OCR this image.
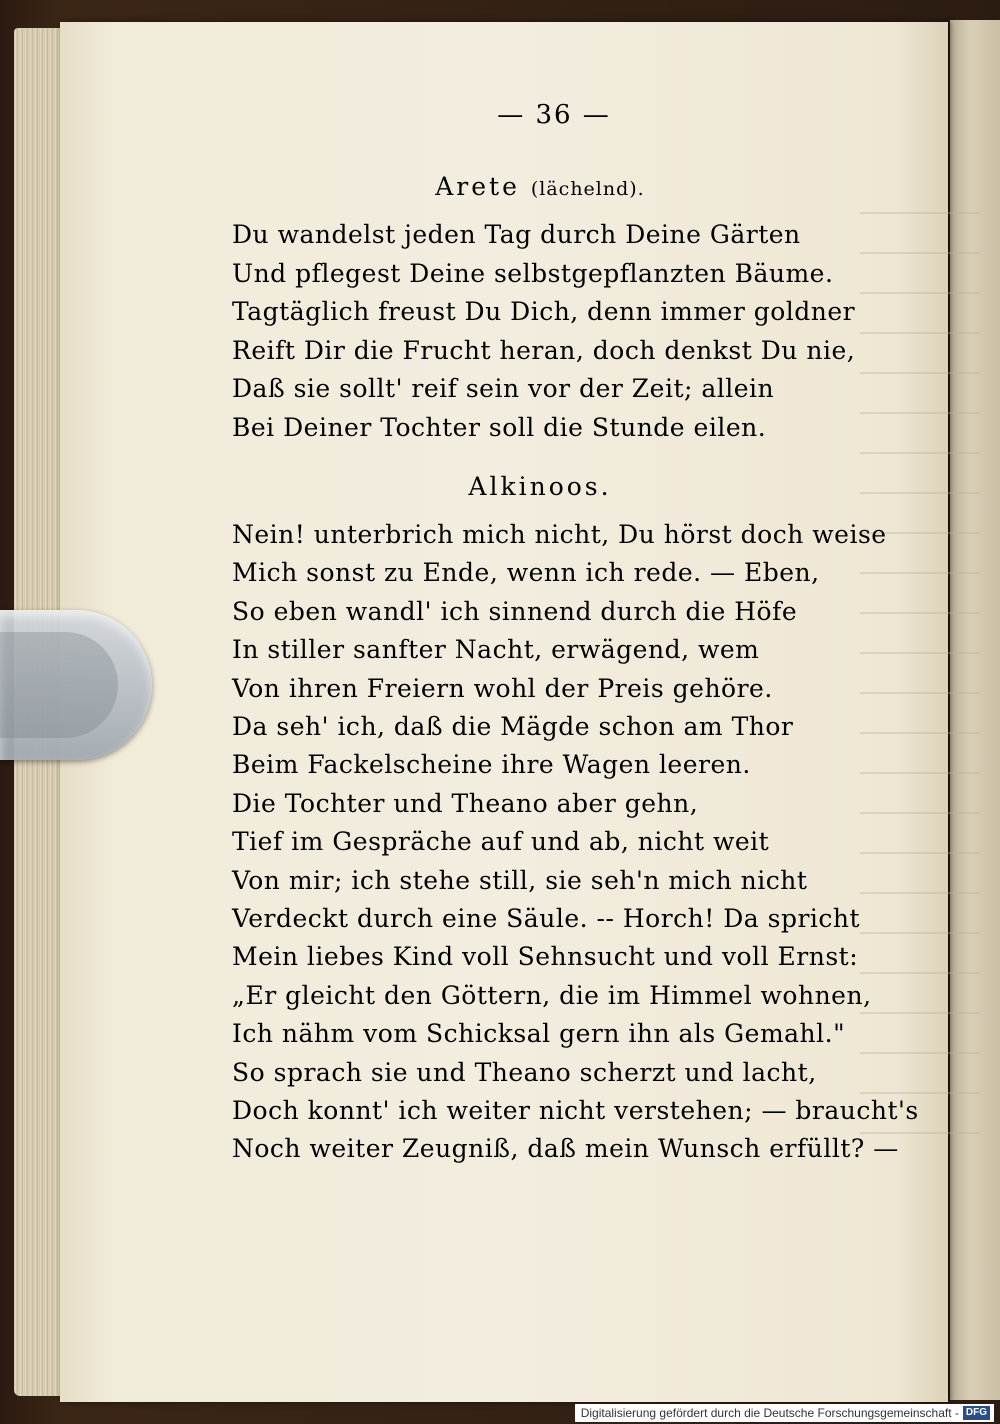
— 36 —
Arete (lächelnd).
Du wandelst jeden Tag durch Deine Gärten
Und pflegest Deine selbstgepflanzten Bäume.
Tagtäglich freust Du Dich, denn immer goldner
Reift Dir die Frucht heran, doch denkst Du nie,
Daß sie sollt' reif sein vor der Zeit; allein
Bei Deiner Tochter soll die Stunde eilen.
Alkinoos.
Nein! unterbrich mich nicht, Du hörst doch weise
Mich sonst zu Ende, wenn ich rede. — Eben,
So eben wandl' ich sinnend durch die Höfe
In stiller sanfter Nacht, erwägend, wem
Von ihren Freiern wohl der Preis gehöre.
Da seh' ich, daß die Mägde schon am Thor
Beim Fackelscheine ihre Wagen leeren.
Die Tochter und Theano aber gehn,
Tief im Gespräche auf und ab, nicht weit
Von mir; ich stehe still, sie seh'n mich nicht
Verdeckt durch eine Säule. -- Horch! Da spricht
Mein liebes Kind voll Sehnsucht und voll Ernst:
„Er gleicht den Göttern, die im Himmel wohnen,
Ich nähm vom Schicksal gern ihn als Gemahl."
So sprach sie und Theano scherzt und lacht,
Doch konnt' ich weiter nicht verstehen; — braucht's
Noch weiter Zeugniß, daß mein Wunsch erfüllt? —
Digitalisierung gefördert durch die Deutsche Forschungsgemeinschaft - DFG
